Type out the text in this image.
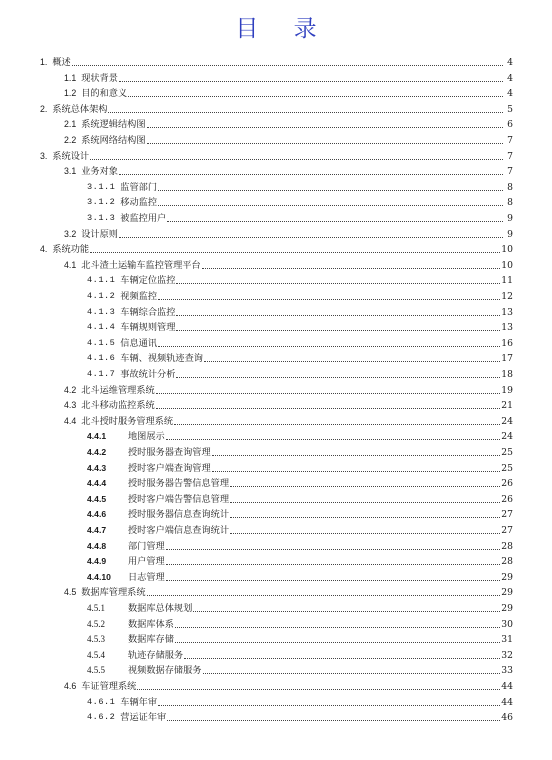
目 录
1. 概述	4
1.1 现状背景	4
1.2 目的和意义	4
2. 系统总体架构	5
2.1 系统逻辑结构图	6
2.2 系统网络结构图	7
3. 系统设计	7
3.1 业务对象	7
3.1.1 监管部门	8
3.1.2 移动监控	8
3.1.3 被监控用户	9
3.2 设计原则	9
4. 系统功能	10
4.1 北斗渣土运输车监控管理平台	10
4.1.1 车辆定位监控	11
4.1.2 视频监控	12
4.1.3 车辆综合监控	13
4.1.4 车辆规则管理	13
4.1.5 信息通讯	16
4.1.6 车辆、视频轨迹查询	17
4.1.7 事故统计分析	18
4.2 北斗运维管理系统	19
4.3 北斗移动监控系统	21
4.4 北斗授时服务管理系统	24
4.4.1	地图展示	24
4.4.2	授时服务器查询管理	25
4.4.3	授时客户端查询管理	25
4.4.4	授时服务器告警信息管理	26
4.4.5	授时客户端告警信息管理	26
4.4.6	授时服务器信息查询统计	27
4.4.7	授时客户端信息查询统计	27
4.4.8	部门管理	28
4.4.9	用户管理	28
4.4.10	日志管理	29
4.5 数据库管理系统	29
4.5.1	数据库总体规划	29
4.5.2	数据库体系	30
4.5.3	数据库存储	31
4.5.4	轨迹存储服务	32
4.5.5	视频数据存储服务	33
4.6 车证管理系统	44
4.6.1 车辆年审	44
4.6.2 营运证年审	46
